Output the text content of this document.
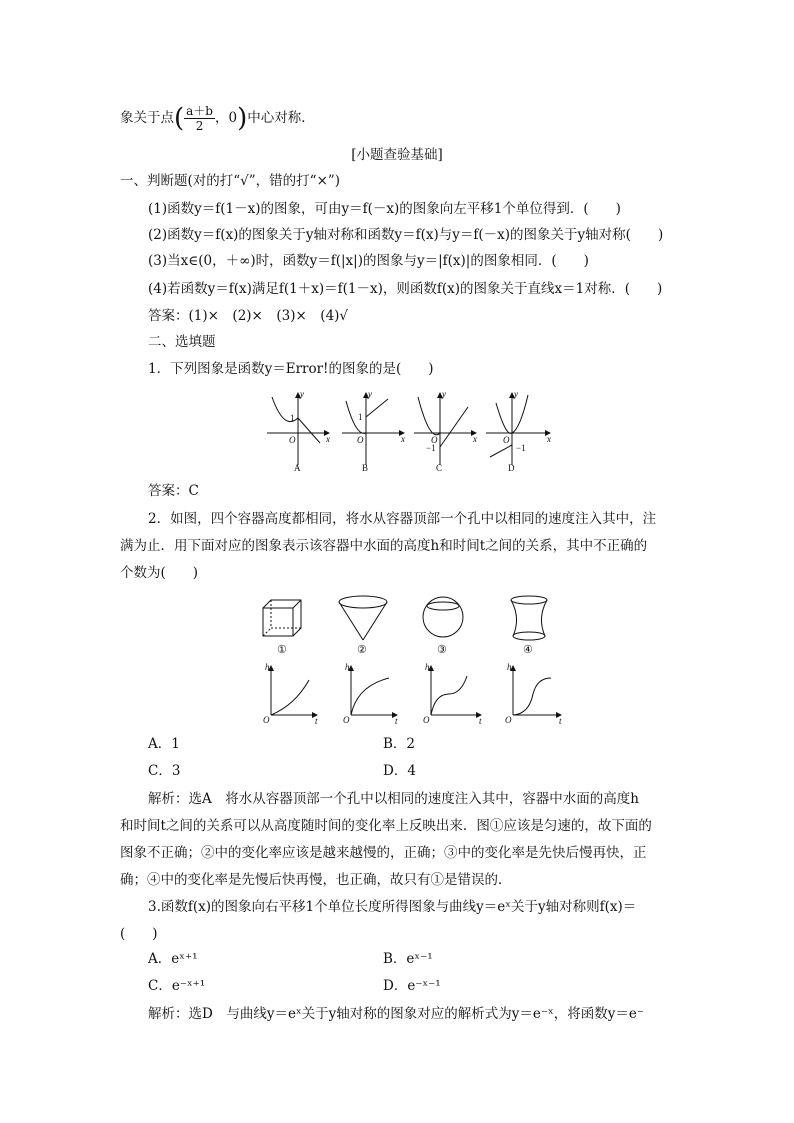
象关于点( $\frac{a+b}{2}$，0)中心对称．
[小题查验基础]
一、判断题(对的打“√”，错的打“×”)
(1)函数y＝f(1－x)的图象，可由y＝f(－x)的图象向左平移1个单位得到．(　　)
(2)函数y＝f(x)的图象关于y轴对称和函数y＝f(x)与y＝f(－x)的图象关于y轴对称(　　)
(3)当x∈(0，＋∞)时，函数y＝f(|x|)的图象与y＝|f(x)|的图象相同．(　　)
(4)若函数y＝f(x)满足f(1＋x)＝f(1－x)，则函数f(x)的图象关于直线x＝1对称．(　　)
答案：(1)×　(2)×　(3)×　(4)√
二、选填题
1．下列图象是函数y＝Error!的图象的是(　　)
y
x
y
x
y
x
y
x
O	O	O	O
1	1
−1	−1
A	B	C	D
答案：C
2．如图，四个容器高度都相同，将水从容器顶部一个孔中以相同的速度注入其中，注
满为止．用下面对应的图象表示该容器中水面的高度h和时间t之间的关系，其中不正确的
个数为(　　)
①	②	③	④
h
t
O
h
t
O
h
t
O
h
t
O
A．1	B．2
C．3	D．4
解析：选A　将水从容器顶部一个孔中以相同的速度注入其中，容器中水面的高度h
和时间t之间的关系可以从高度随时间的变化率上反映出来．图①应该是匀速的，故下面的
图象不正确；②中的变化率应该是越来越慢的，正确；③中的变化率是先快后慢再快，正
确；④中的变化率是先慢后快再慢，也正确，故只有①是错误的．
3.函数f(x)的图象向右平移1个单位长度所得图象与曲线y＝eˣ关于y轴对称则f(x)＝
(　　)
A．eˣ⁺¹	B．eˣ⁻¹
C．e⁻ˣ⁺¹	D．e⁻ˣ⁻¹
解析：选D　与曲线y＝eˣ关于y轴对称的图象对应的解析式为y＝e⁻ˣ，将函数y＝e⁻
